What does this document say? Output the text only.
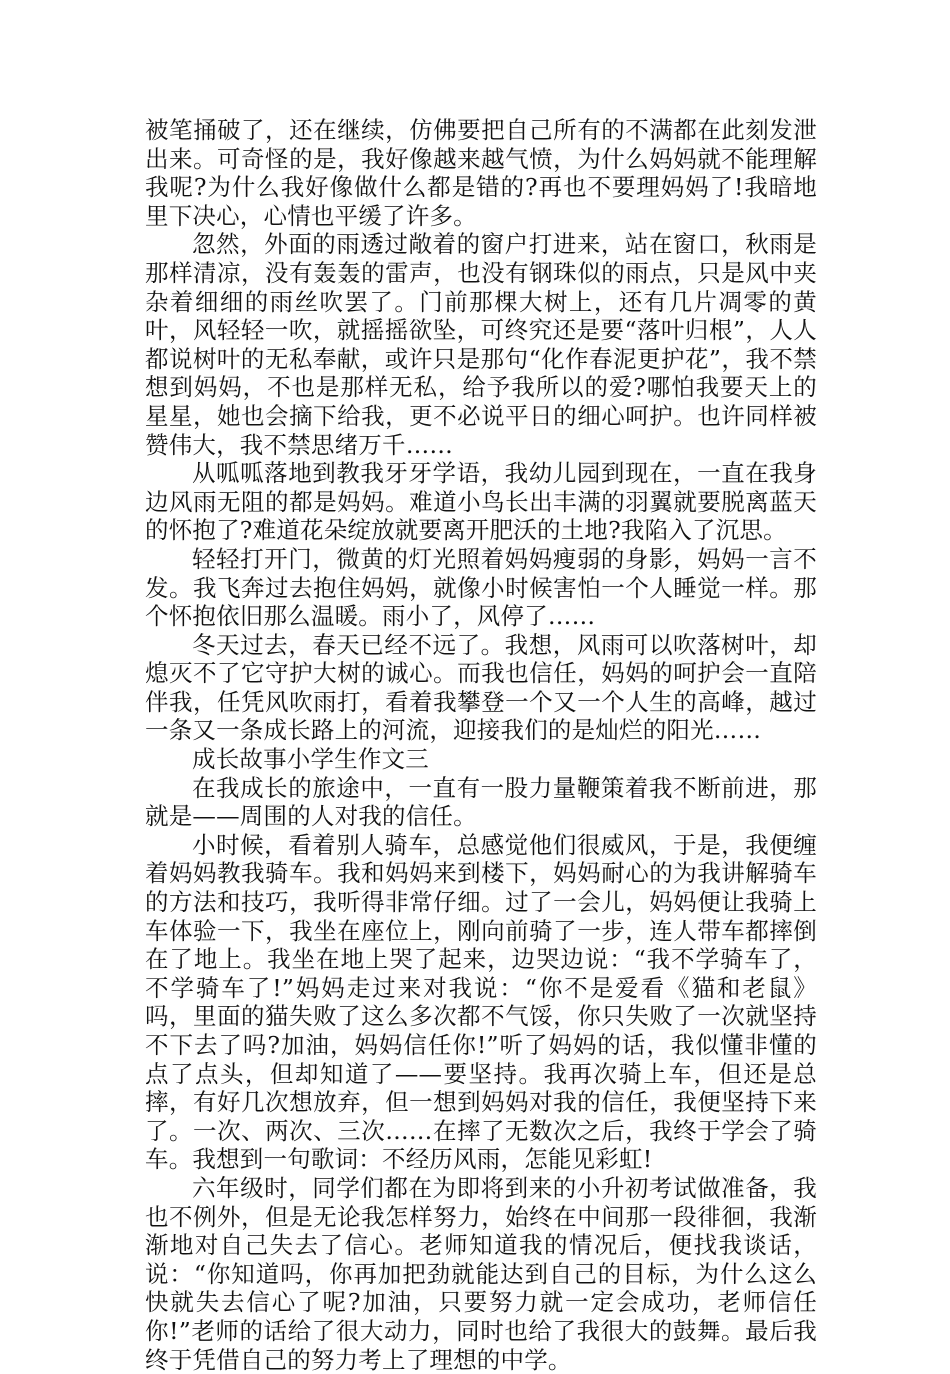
被笔捅破了，还在继续，仿佛要把自己所有的不满都在此刻发泄出来。可奇怪的是，我好像越来越气愤，为什么妈妈就不能理解我呢?为什么我好像做什么都是错的?再也不要理妈妈了!我暗地里下决心，心情也平缓了许多。

忽然，外面的雨透过敞着的窗户打进来，站在窗口，秋雨是那样清凉，没有轰轰的雷声，也没有钢珠似的雨点，只是风中夹杂着细细的雨丝吹罢了。门前那棵大树上，还有几片凋零的黄叶，风轻轻一吹，就摇摇欲坠，可终究还是要“落叶归根”，人人都说树叶的无私奉献，或许只是那句“化作春泥更护花”，我不禁想到妈妈，不也是那样无私，给予我所以的爱?哪怕我要天上的星星，她也会摘下给我，更不必说平日的细心呵护。也许同样被赞伟大，我不禁思绪万千……

从呱呱落地到教我牙牙学语，我幼儿园到现在，一直在我身边风雨无阻的都是妈妈。难道小鸟长出丰满的羽翼就要脱离蓝天的怀抱了?难道花朵绽放就要离开肥沃的土地?我陷入了沉思。

轻轻打开门，微黄的灯光照着妈妈瘦弱的身影，妈妈一言不发。我飞奔过去抱住妈妈，就像小时候害怕一个人睡觉一样。那个怀抱依旧那么温暖。雨小了，风停了……

冬天过去，春天已经不远了。我想，风雨可以吹落树叶，却熄灭不了它守护大树的诚心。而我也信任，妈妈的呵护会一直陪伴我，任凭风吹雨打，看着我攀登一个又一个人生的高峰，越过一条又一条成长路上的河流，迎接我们的是灿烂的阳光……

成长故事小学生作文三

在我成长的旅途中，一直有一股力量鞭策着我不断前进，那就是——周围的人对我的信任。

小时候，看着别人骑车，总感觉他们很威风，于是，我便缠着妈妈教我骑车。我和妈妈来到楼下，妈妈耐心的为我讲解骑车的方法和技巧，我听得非常仔细。过了一会儿，妈妈便让我骑上车体验一下，我坐在座位上，刚向前骑了一步，连人带车都摔倒在了地上。我坐在地上哭了起来，边哭边说：“我不学骑车了，不学骑车了!”妈妈走过来对我说：“你不是爱看《猫和老鼠》吗，里面的猫失败了这么多次都不气馁，你只失败了一次就坚持不下去了吗?加油，妈妈信任你!”听了妈妈的话，我似懂非懂的点了点头，但却知道了——要坚持。我再次骑上车，但还是总摔，有好几次想放弃，但一想到妈妈对我的信任，我便坚持下来了。一次、两次、三次……在摔了无数次之后，我终于学会了骑车。我想到一句歌词：不经历风雨，怎能见彩虹!

六年级时，同学们都在为即将到来的小升初考试做准备，我也不例外，但是无论我怎样努力，始终在中间那一段徘徊，我渐渐地对自己失去了信心。老师知道我的情况后，便找我谈话，说：“你知道吗，你再加把劲就能达到自己的目标，为什么这么快就失去信心了呢?加油，只要努力就一定会成功，老师信任你!”老师的话给了很大动力，同时也给了我很大的鼓舞。最后我终于凭借自己的努力考上了理想的中学。
